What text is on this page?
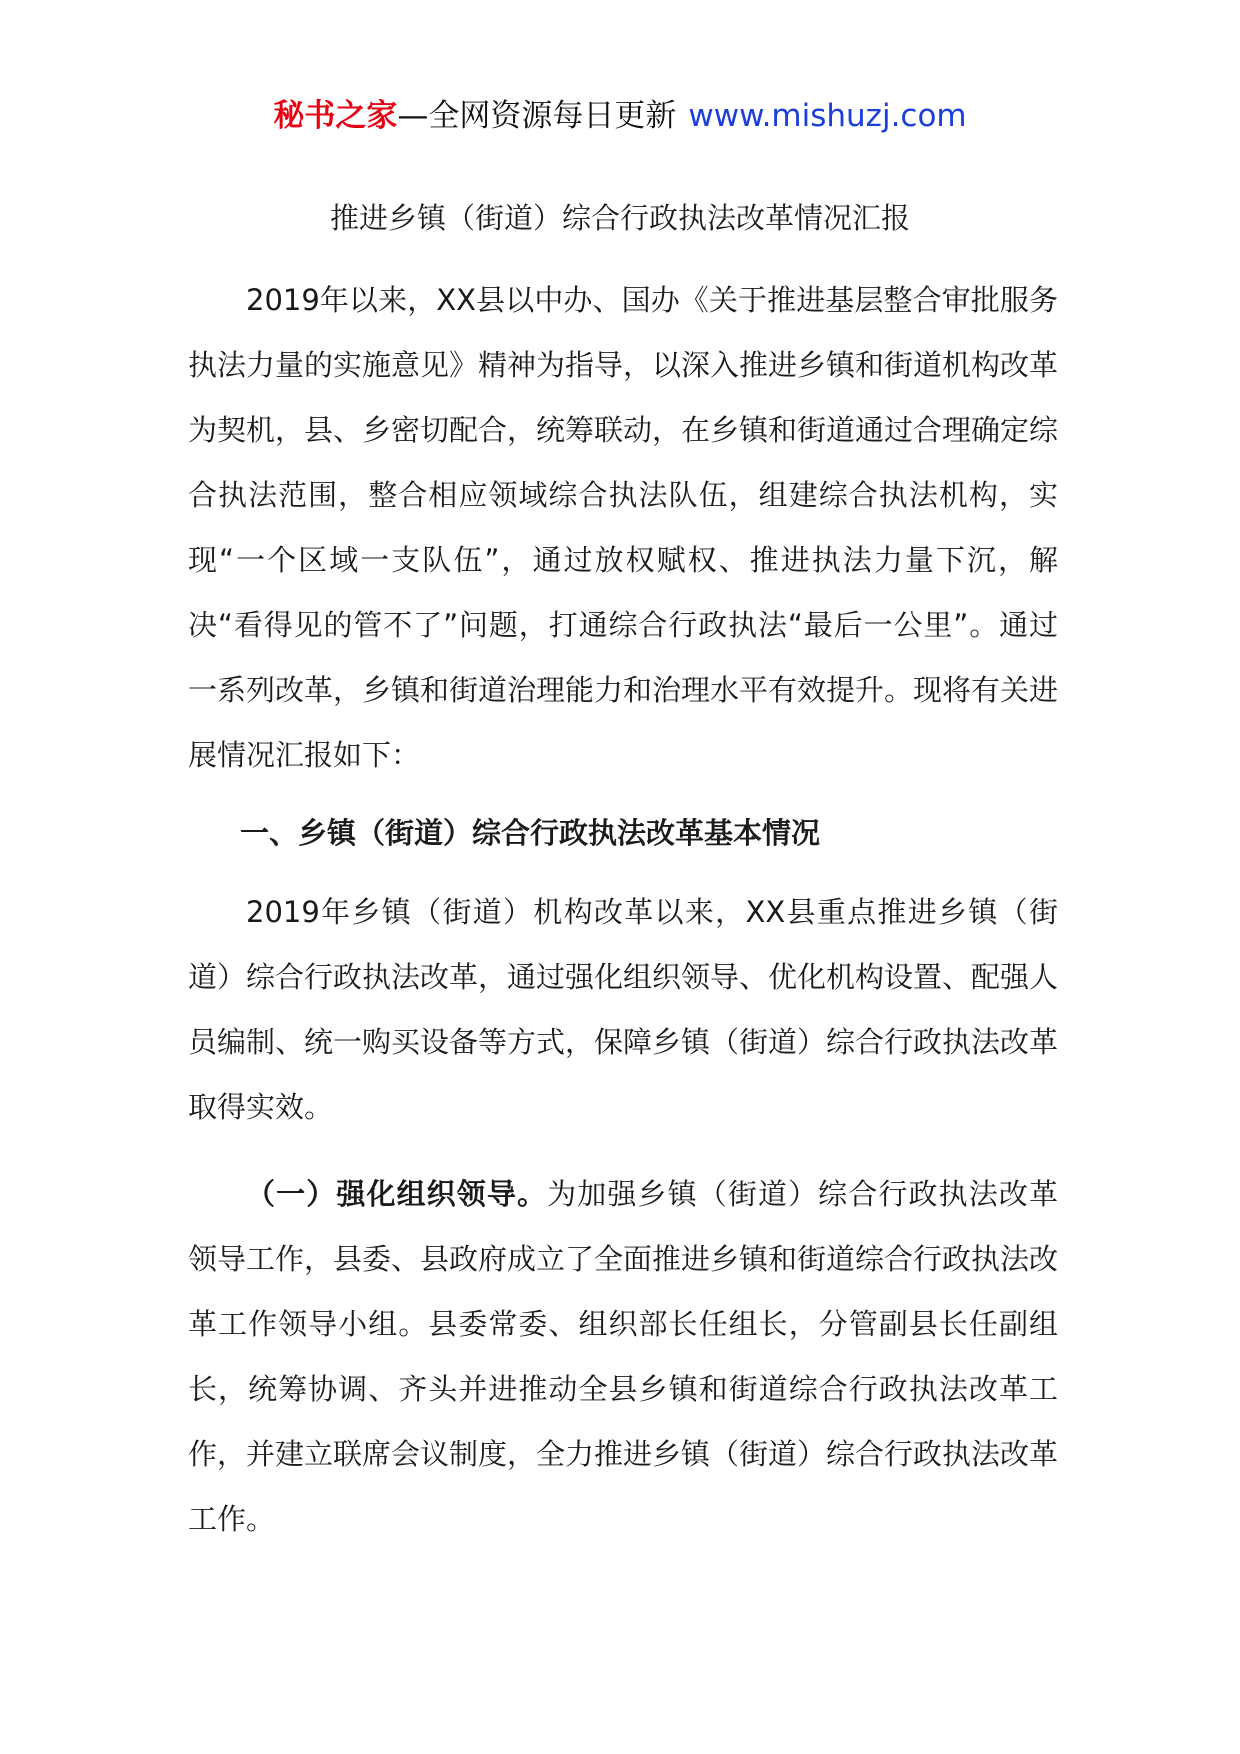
秘书之家—全网资源每日更新 www.mishuzj.com
推进乡镇（街道）综合行政执法改革情况汇报

2019年以来，XX县以中办、国办《关于推进基层整合审批服务执法力量的实施意见》精神为指导，以深入推进乡镇和街道机构改革为契机，县、乡密切配合，统筹联动，在乡镇和街道通过合理确定综合执法范围，整合相应领域综合执法队伍，组建综合执法机构，实现“一个区域一支队伍”，通过放权赋权、推进执法力量下沉，解决“看得见的管不了”问题，打通综合行政执法“最后一公里”。通过一系列改革，乡镇和街道治理能力和治理水平有效提升。现将有关进展情况汇报如下：

一、乡镇（街道）综合行政执法改革基本情况

2019年乡镇（街道）机构改革以来，XX县重点推进乡镇（街道）综合行政执法改革，通过强化组织领导、优化机构设置、配强人员编制、统一购买设备等方式，保障乡镇（街道）综合行政执法改革取得实效。

（一）强化组织领导。为加强乡镇（街道）综合行政执法改革领导工作，县委、县政府成立了全面推进乡镇和街道综合行政执法改革工作领导小组。县委常委、组织部长任组长，分管副县长任副组长，统筹协调、齐头并进推动全县乡镇和街道综合行政执法改革工作，并建立联席会议制度，全力推进乡镇（街道）综合行政执法改革工作。
